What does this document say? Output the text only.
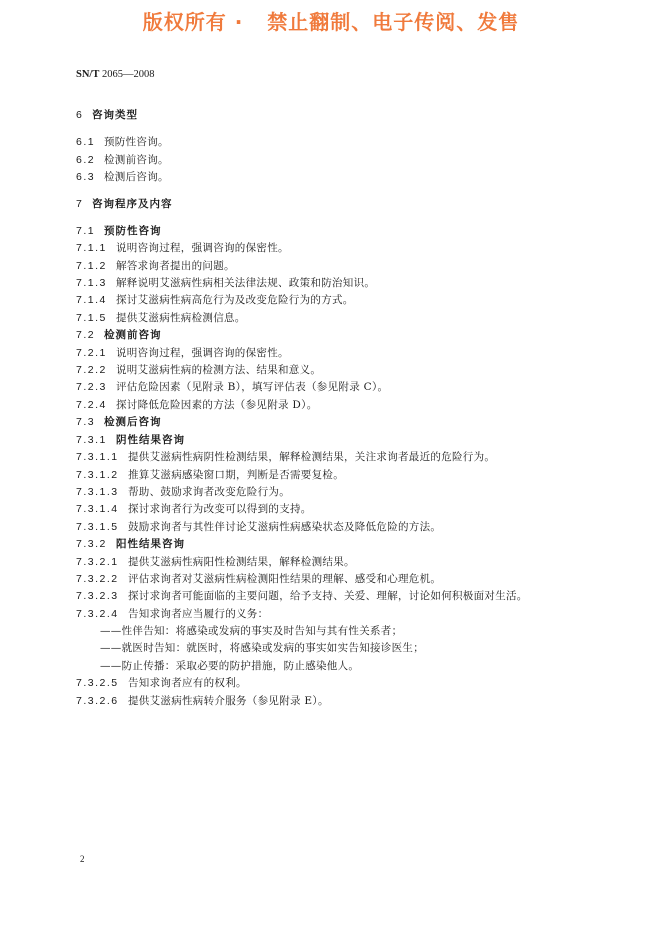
版权所有 ·   禁止翻制、电子传阅、发售
SN/T 2065—2008
6 咨询类型
6.1 预防性咨询。
6.2 检测前咨询。
6.3 检测后咨询。
7 咨询程序及内容
7.1 预防性咨询
7.1.1 说明咨询过程，强调咨询的保密性。
7.1.2 解答求询者提出的问题。
7.1.3 解释说明艾滋病性病相关法律法规、政策和防治知识。
7.1.4 探讨艾滋病性病高危行为及改变危险行为的方式。
7.1.5 提供艾滋病性病检测信息。
7.2 检测前咨询
7.2.1 说明咨询过程，强调咨询的保密性。
7.2.2 说明艾滋病性病的检测方法、结果和意义。
7.2.3 评估危险因素（见附录 B），填写评估表（参见附录 C）。
7.2.4 探讨降低危险因素的方法（参见附录 D）。
7.3 检测后咨询
7.3.1 阴性结果咨询
7.3.1.1 提供艾滋病性病阴性检测结果，解释检测结果，关注求询者最近的危险行为。
7.3.1.2 推算艾滋病感染窗口期，判断是否需要复检。
7.3.1.3 帮助、鼓励求询者改变危险行为。
7.3.1.4 探讨求询者行为改变可以得到的支持。
7.3.1.5 鼓励求询者与其性伴讨论艾滋病性病感染状态及降低危险的方法。
7.3.2 阳性结果咨询
7.3.2.1 提供艾滋病性病阳性检测结果，解释检测结果。
7.3.2.2 评估求询者对艾滋病性病检测阳性结果的理解、感受和心理危机。
7.3.2.3 探讨求询者可能面临的主要问题，给予支持、关爱、理解，讨论如何积极面对生活。
7.3.2.4 告知求询者应当履行的义务：
——性伴告知：将感染或发病的事实及时告知与其有性关系者；
——就医时告知：就医时，将感染或发病的事实如实告知接诊医生；
——防止传播：采取必要的防护措施，防止感染他人。
7.3.2.5 告知求询者应有的权利。
7.3.2.6 提供艾滋病性病转介服务（参见附录 E）。
2
